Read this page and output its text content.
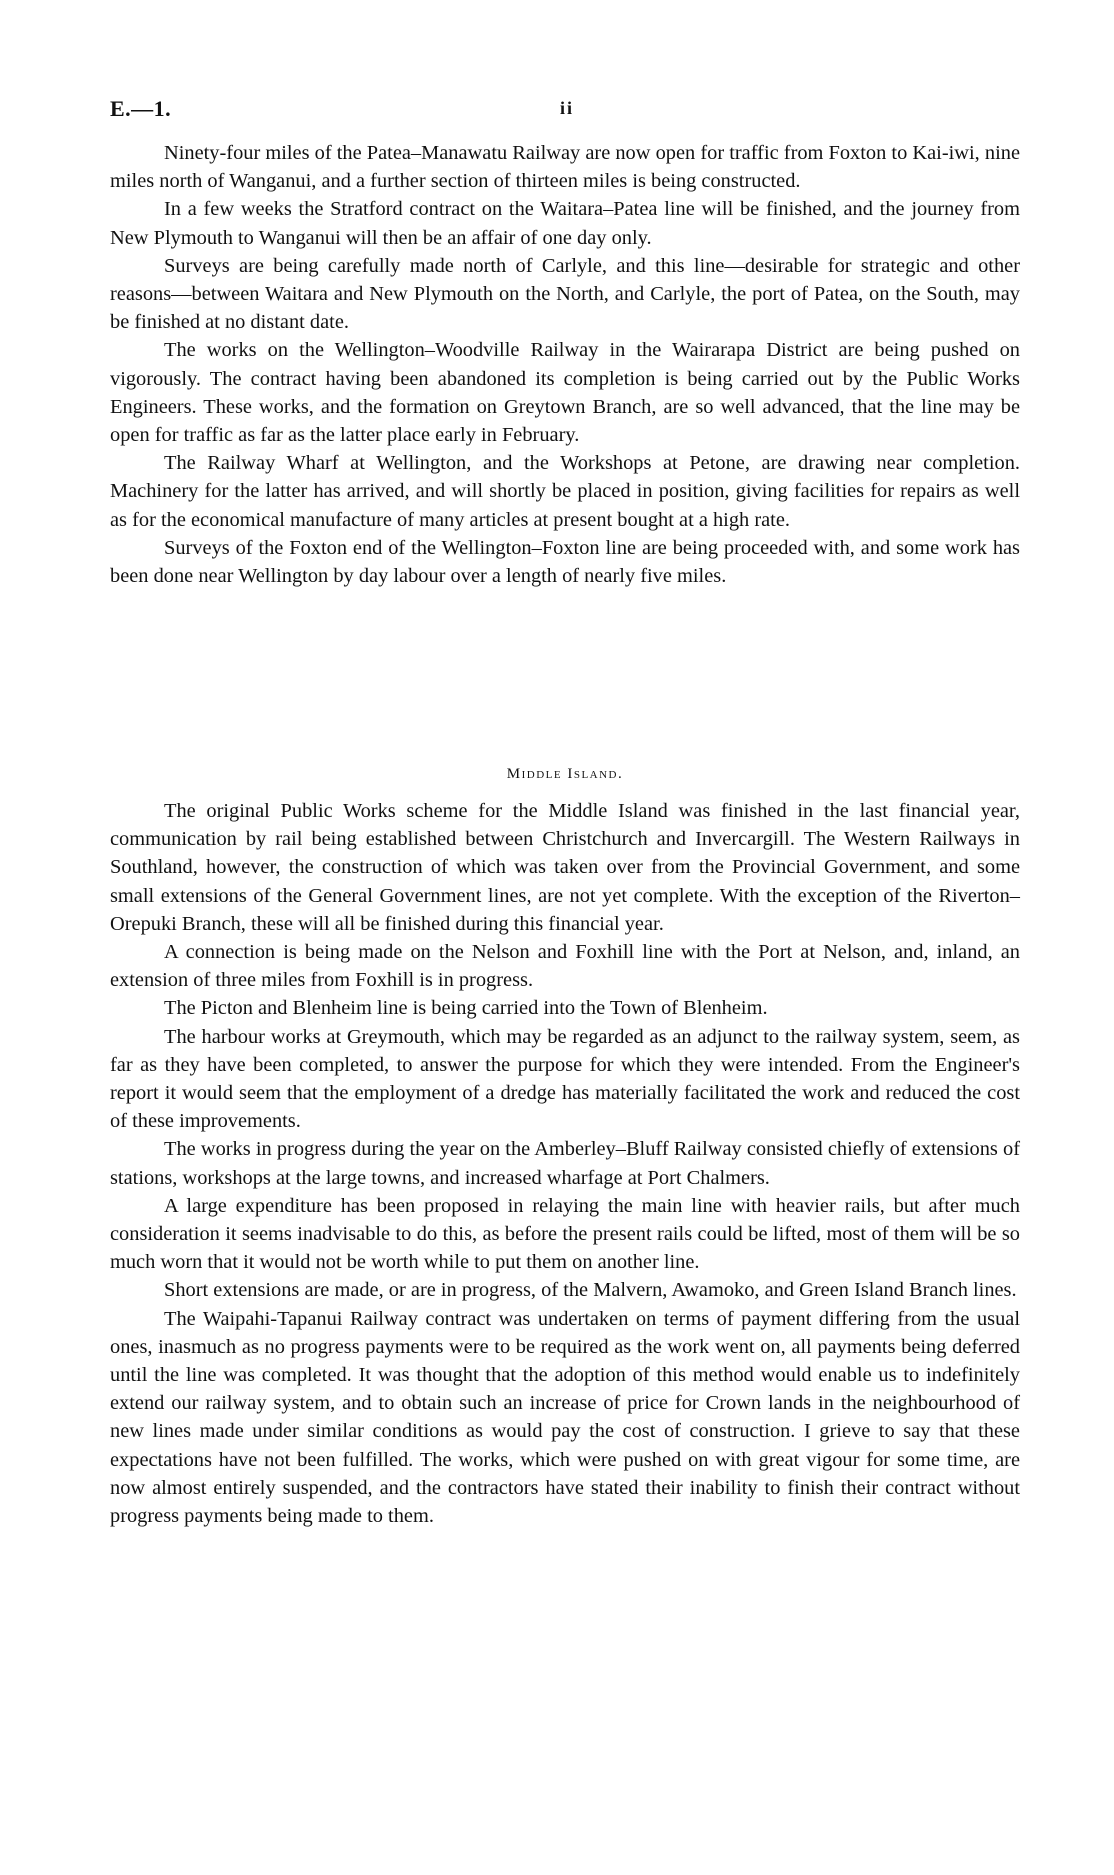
E.—1.	ii

Ninety-four miles of the Patea–Manawatu Railway are now open for traffic from Foxton to Kai-iwi, nine miles north of Wanganui, and a further section of thirteen miles is being constructed.

In a few weeks the Stratford contract on the Waitara–Patea line will be finished, and the journey from New Plymouth to Wanganui will then be an affair of one day only.

Surveys are being carefully made north of Carlyle, and this line—desirable for strategic and other reasons—between Waitara and New Plymouth on the North, and Carlyle, the port of Patea, on the South, may be finished at no distant date.

The works on the Wellington–Woodville Railway in the Wairarapa District are being pushed on vigorously. The contract having been abandoned its completion is being carried out by the Public Works Engineers. These works, and the formation on Greytown Branch, are so well advanced, that the line may be open for traffic as far as the latter place early in February.

The Railway Wharf at Wellington, and the Workshops at Petone, are drawing near completion. Machinery for the latter has arrived, and will shortly be placed in position, giving facilities for repairs as well as for the economical manufacture of many articles at present bought at a high rate.

Surveys of the Foxton end of the Wellington–Foxton line are being proceeded with, and some work has been done near Wellington by day labour over a length of nearly five miles.

Middle Island.

The original Public Works scheme for the Middle Island was finished in the last financial year, communication by rail being established between Christchurch and Invercargill. The Western Railways in Southland, however, the construction of which was taken over from the Provincial Government, and some small extensions of the General Government lines, are not yet complete. With the exception of the Riverton–Orepuki Branch, these will all be finished during this financial year.

A connection is being made on the Nelson and Foxhill line with the Port at Nelson, and, inland, an extension of three miles from Foxhill is in progress.

The Picton and Blenheim line is being carried into the Town of Blenheim.

The harbour works at Greymouth, which may be regarded as an adjunct to the railway system, seem, as far as they have been completed, to answer the purpose for which they were intended. From the Engineer's report it would seem that the employment of a dredge has materially facilitated the work and reduced the cost of these improvements.

The works in progress during the year on the Amberley–Bluff Railway consisted chiefly of extensions of stations, workshops at the large towns, and increased wharfage at Port Chalmers.

A large expenditure has been proposed in relaying the main line with heavier rails, but after much consideration it seems inadvisable to do this, as before the present rails could be lifted, most of them will be so much worn that it would not be worth while to put them on another line.

Short extensions are made, or are in progress, of the Malvern, Awamoko, and Green Island Branch lines.

The Waipahi-Tapanui Railway contract was undertaken on terms of payment differing from the usual ones, inasmuch as no progress payments were to be required as the work went on, all payments being deferred until the line was completed. It was thought that the adoption of this method would enable us to indefinitely extend our railway system, and to obtain such an increase of price for Crown lands in the neighbourhood of new lines made under similar conditions as would pay the cost of construction. I grieve to say that these expectations have not been fulfilled. The works, which were pushed on with great vigour for some time, are now almost entirely suspended, and the contractors have stated their inability to finish their contract without progress payments being made to them.
